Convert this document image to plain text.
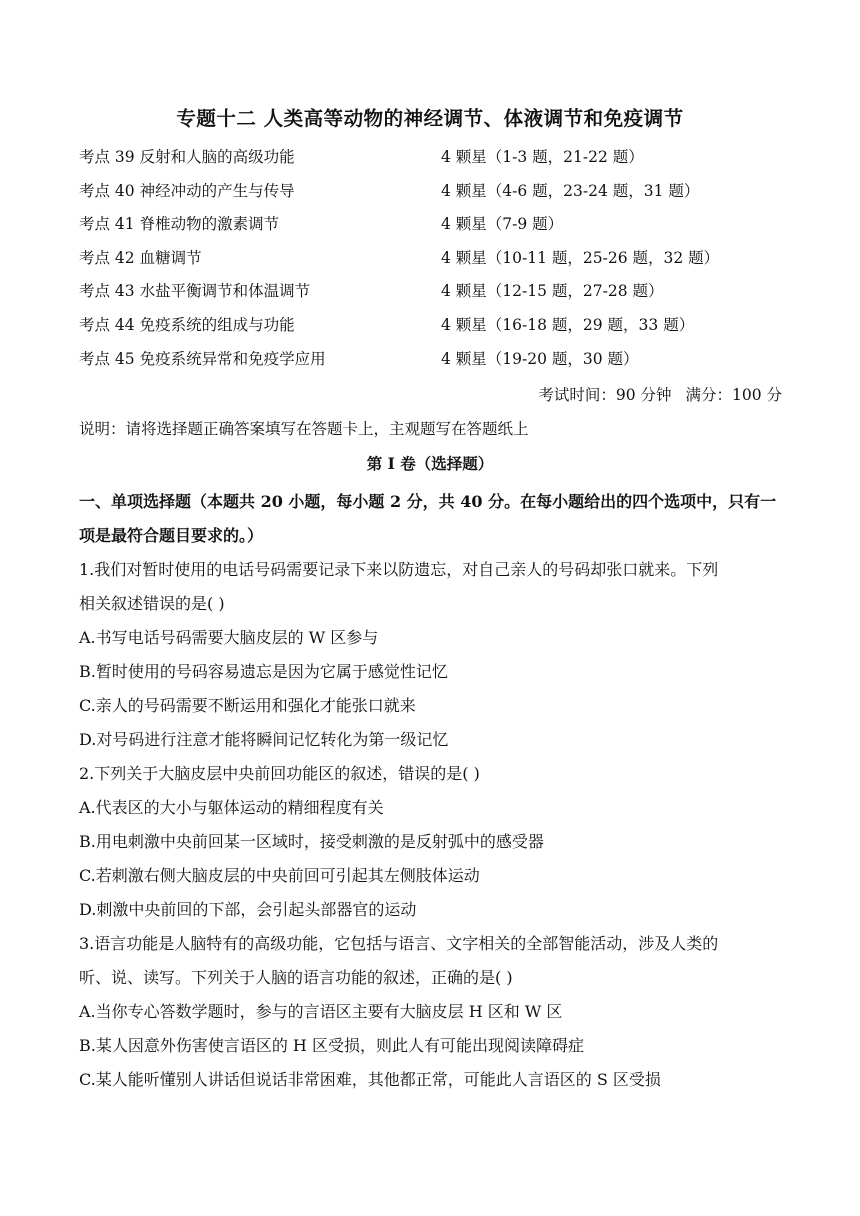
专题十二 人类高等动物的神经调节、体液调节和免疫调节
考点 39 反射和人脑的高级功能	4 颗星（1-3 题，21-22 题）
考点 40 神经冲动的产生与传导	4 颗星（4-6 题，23-24 题，31 题）
考点 41 脊椎动物的激素调节	4 颗星（7-9 题）
考点 42 血糖调节	4 颗星（10-11 题，25-26 题，32 题）
考点 43 水盐平衡调节和体温调节	4 颗星（12-15 题，27-28 题）
考点 44 免疫系统的组成与功能	4 颗星（16-18 题，29 题，33 题）
考点 45 免疫系统异常和免疫学应用	4 颗星（19-20 题，30 题）
考试时间：90 分钟 满分：100 分
说明：请将选择题正确答案填写在答题卡上，主观题写在答题纸上
第 I 卷（选择题）
一、单项选择题（本题共 20 小题，每小题 2 分，共 40 分。在每小题给出的四个选项中，只有一项是最符合题目要求的。）
1.我们对暂时使用的电话号码需要记录下来以防遗忘，对自己亲人的号码却张口就来。下列
相关叙述错误的是( )
A.书写电话号码需要大脑皮层的 W 区参与
B.暂时使用的号码容易遗忘是因为它属于感觉性记忆
C.亲人的号码需要不断运用和强化才能张口就来
D.对号码进行注意才能将瞬间记忆转化为第一级记忆
2.下列关于大脑皮层中央前回功能区的叙述，错误的是( )
A.代表区的大小与躯体运动的精细程度有关
B.用电刺激中央前回某一区域时，接受刺激的是反射弧中的感受器
C.若刺激右侧大脑皮层的中央前回可引起其左侧肢体运动
D.刺激中央前回的下部，会引起头部器官的运动
3.语言功能是人脑特有的高级功能，它包括与语言、文字相关的全部智能活动，涉及人类的
听、说、读写。下列关于人脑的语言功能的叙述，正确的是( )
A.当你专心答数学题时，参与的言语区主要有大脑皮层 H 区和 W 区
B.某人因意外伤害使言语区的 H 区受损，则此人有可能出现阅读障碍症
C.某人能听懂别人讲话但说话非常困难，其他都正常，可能此人言语区的 S 区受损
